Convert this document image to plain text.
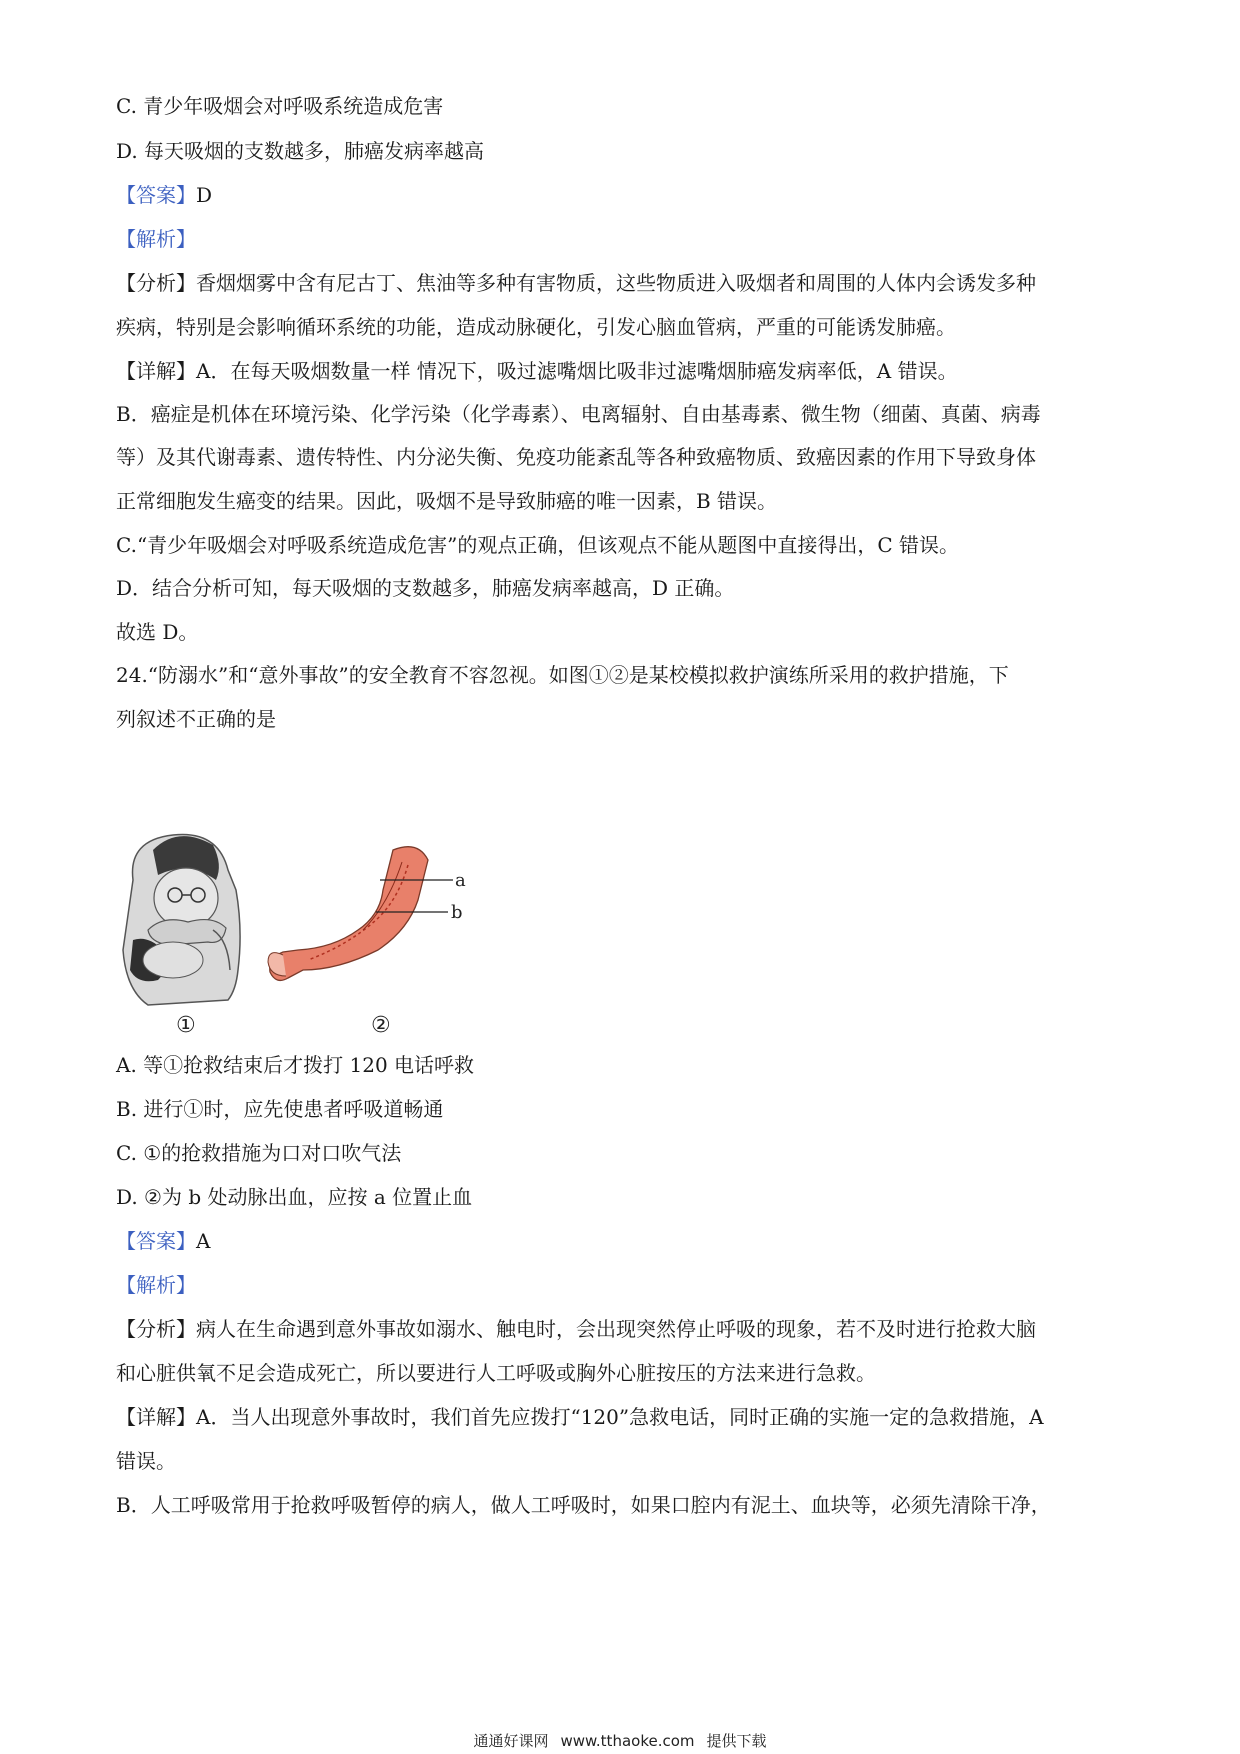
C. 青少年吸烟会对呼吸系统造成危害
D. 每天吸烟的支数越多，肺癌发病率越高
【答案】D
【解析】
【分析】香烟烟雾中含有尼古丁、焦油等多种有害物质，这些物质进入吸烟者和周围的人体内会诱发多种
疾病，特别是会影响循环系统的功能，造成动脉硬化，引发心脑血管病，严重的可能诱发肺癌。
【详解】A．在每天吸烟数量一样 情况下，吸过滤嘴烟比吸非过滤嘴烟肺癌发病率低，A 错误。
B．癌症是机体在环境污染、化学污染（化学毒素）、电离辐射、自由基毒素、微生物（细菌、真菌、病毒
等）及其代谢毒素、遗传特性、内分泌失衡、免疫功能紊乱等各种致癌物质、致癌因素的作用下导致身体
正常细胞发生癌变的结果。因此，吸烟不是导致肺癌的唯一因素，B 错误。
C.“青少年吸烟会对呼吸系统造成危害”的观点正确，但该观点不能从题图中直接得出，C 错误。
D．结合分析可知，每天吸烟的支数越多，肺癌发病率越高，D 正确。
故选 D。
24.“防溺水”和“意外事故”的安全教育不容忽视。如图①②是某校模拟救护演练所采用的救护措施，下
列叙述不正确的是
a
b
①	②
A. 等①抢救结束后才拨打 120 电话呼救
B. 进行①时，应先使患者呼吸道畅通
C. ①的抢救措施为口对口吹气法
D. ②为 b 处动脉出血，应按 a 位置止血
【答案】A
【解析】
【分析】病人在生命遇到意外事故如溺水、触电时，会出现突然停止呼吸的现象，若不及时进行抢救大脑
和心脏供氧不足会造成死亡，所以要进行人工呼吸或胸外心脏按压的方法来进行急救。
【详解】A．当人出现意外事故时，我们首先应拨打“120”急救电话，同时正确的实施一定的急救措施，A
错误。
B．人工呼吸常用于抢救呼吸暂停的病人，做人工呼吸时，如果口腔内有泥土、血块等，必须先清除干净，
通通好课网 www.tthaoke.com 提供下载
